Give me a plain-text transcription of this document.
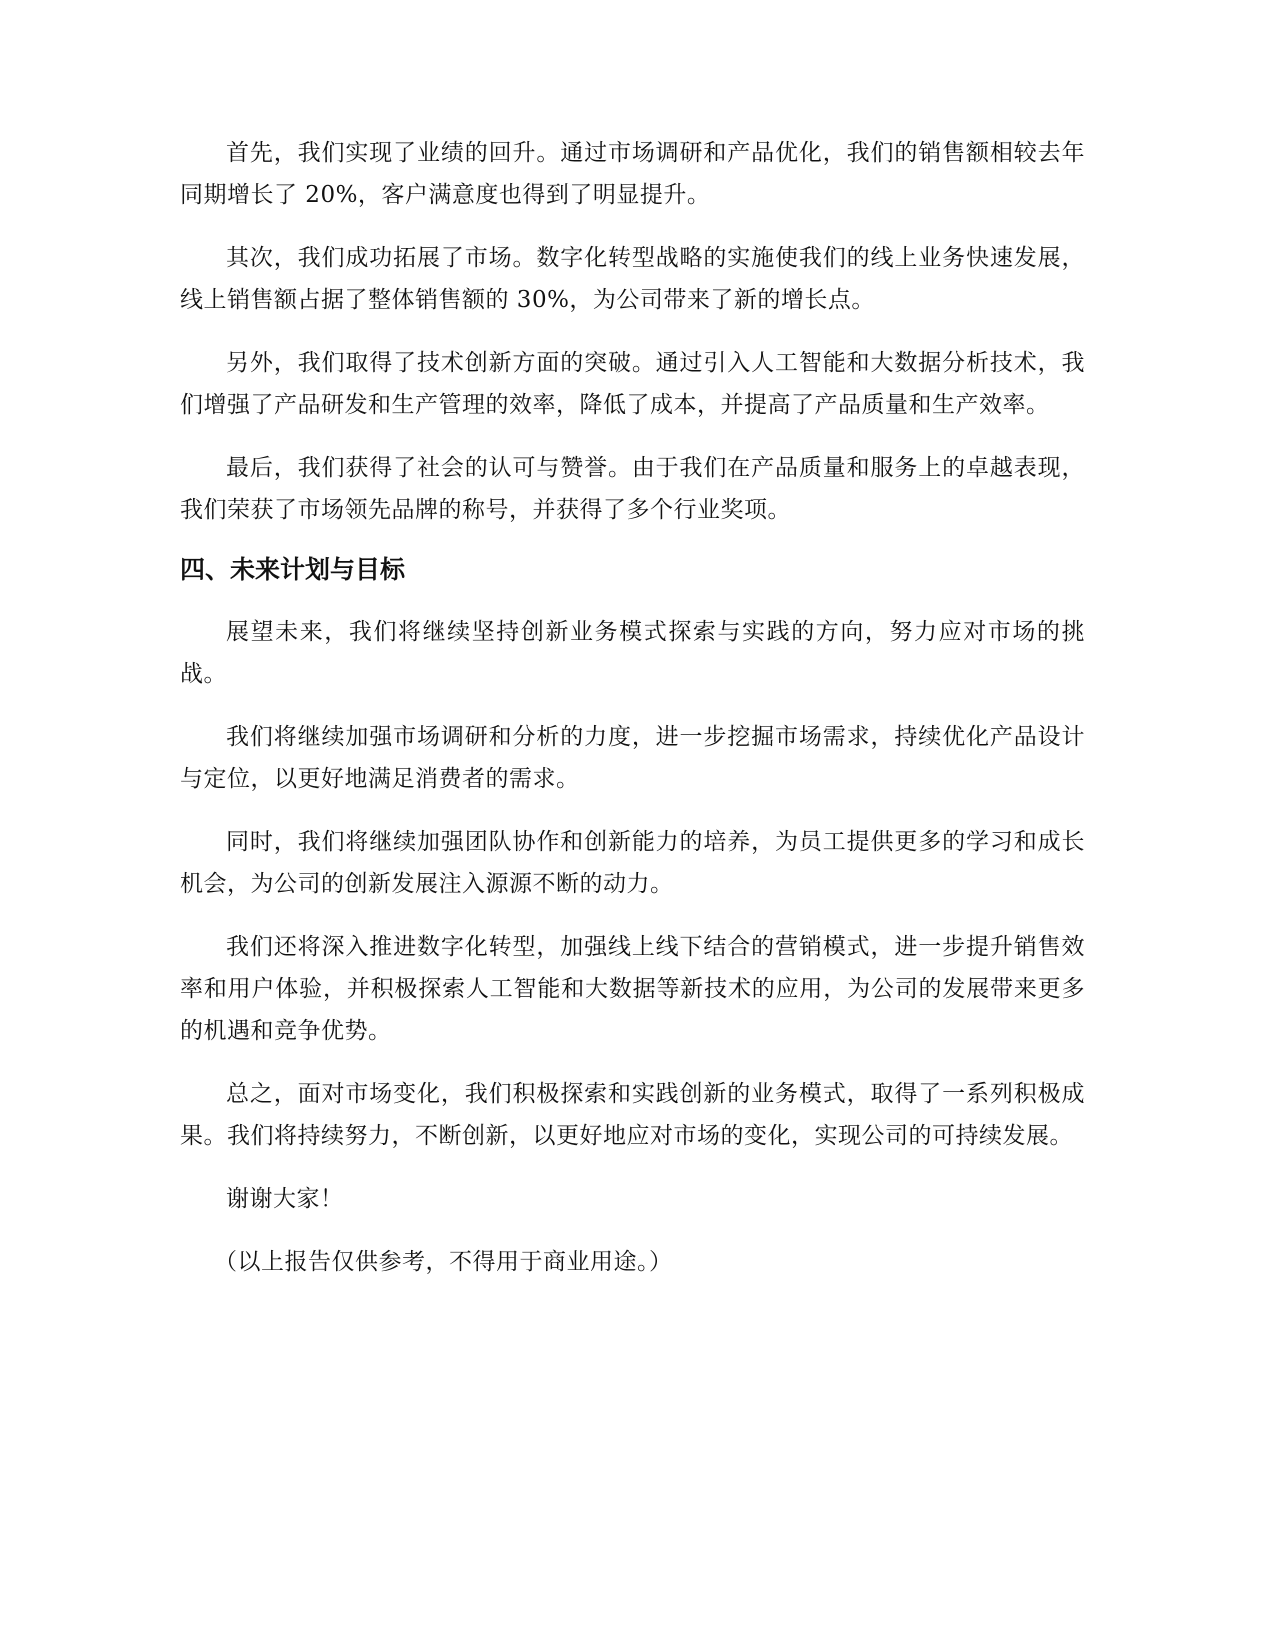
首先，我们实现了业绩的回升。通过市场调研和产品优化，我们的销售额相较去年同期增长了 20%，客户满意度也得到了明显提升。

其次，我们成功拓展了市场。数字化转型战略的实施使我们的线上业务快速发展，线上销售额占据了整体销售额的 30%，为公司带来了新的增长点。

另外，我们取得了技术创新方面的突破。通过引入人工智能和大数据分析技术，我们增强了产品研发和生产管理的效率，降低了成本，并提高了产品质量和生产效率。

最后，我们获得了社会的认可与赞誉。由于我们在产品质量和服务上的卓越表现，我们荣获了市场领先品牌的称号，并获得了多个行业奖项。

四、未来计划与目标

展望未来，我们将继续坚持创新业务模式探索与实践的方向，努力应对市场的挑战。

我们将继续加强市场调研和分析的力度，进一步挖掘市场需求，持续优化产品设计与定位，以更好地满足消费者的需求。

同时，我们将继续加强团队协作和创新能力的培养，为员工提供更多的学习和成长机会，为公司的创新发展注入源源不断的动力。

我们还将深入推进数字化转型，加强线上线下结合的营销模式，进一步提升销售效率和用户体验，并积极探索人工智能和大数据等新技术的应用，为公司的发展带来更多的机遇和竞争优势。

总之，面对市场变化，我们积极探索和实践创新的业务模式，取得了一系列积极成果。我们将持续努力，不断创新，以更好地应对市场的变化，实现公司的可持续发展。

谢谢大家！

（以上报告仅供参考，不得用于商业用途。）
